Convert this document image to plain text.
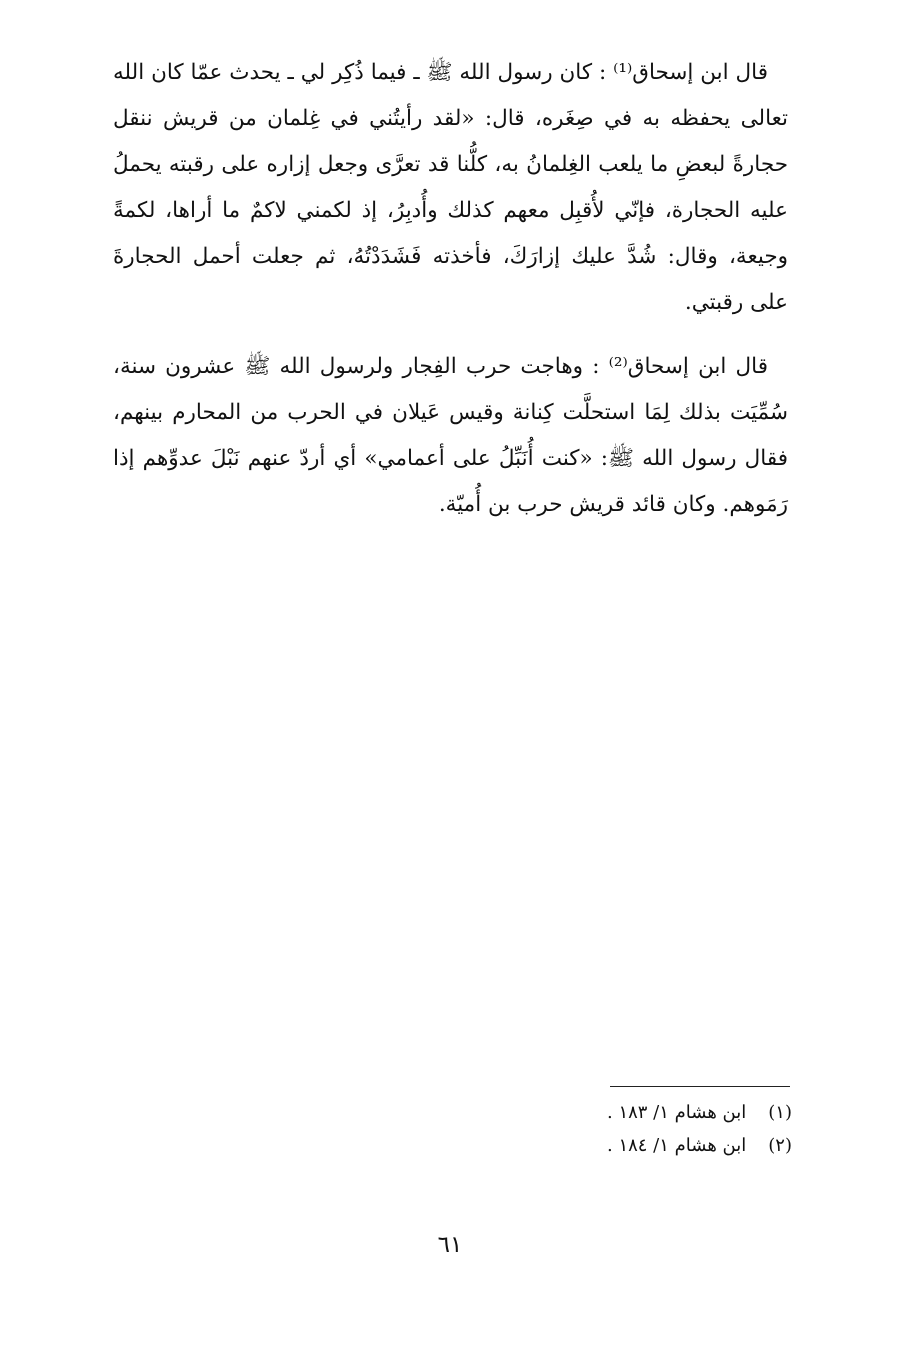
قال ابن إسحاق⁽¹⁾ : كان رسول الله ﷺ ـ فيما ذُكِر لي ـ يحدث عمّا كان الله تعالى يحفظه به في صِغَره، قال: «لقد رأيتُني في غِلمان من قريش ننقل حجارةً لبعضِ ما يلعب الغِلمانُ به، كلُّنا قد تعرَّى وجعل إزاره على رقبته يحملُ عليه الحجارة، فإنّي لأُقبِل معهم كذلك وأُدبِرُ، إذ لكمني لاكمٌ ما أراها، لكمةً وجيعة، وقال: شُدَّ عليك إزارَكَ، فأخذته فَشَدَدْتُهُ، ثم جعلت أحمل الحجارةَ على رقبتي.

قال ابن إسحاق⁽²⁾ : وهاجت حرب الفِجار ولرسول الله ﷺ عشرون سنة، سُمِّيَت بذلك لِمَا استحلَّت كِنانة وقيس عَيلان في الحرب من المحارم بينهم، فقال رسول الله ﷺ: «كنت أُنَبِّلُ على أعمامي» أي أردّ عنهم نَبْلَ عدوِّهم إذا رَمَوهم. وكان قائد قريش حرب بن أُميّة.

(١) ابن هشام ١/ ١٨٣ .
(٢) ابن هشام ١/ ١٨٤ .
٦١
